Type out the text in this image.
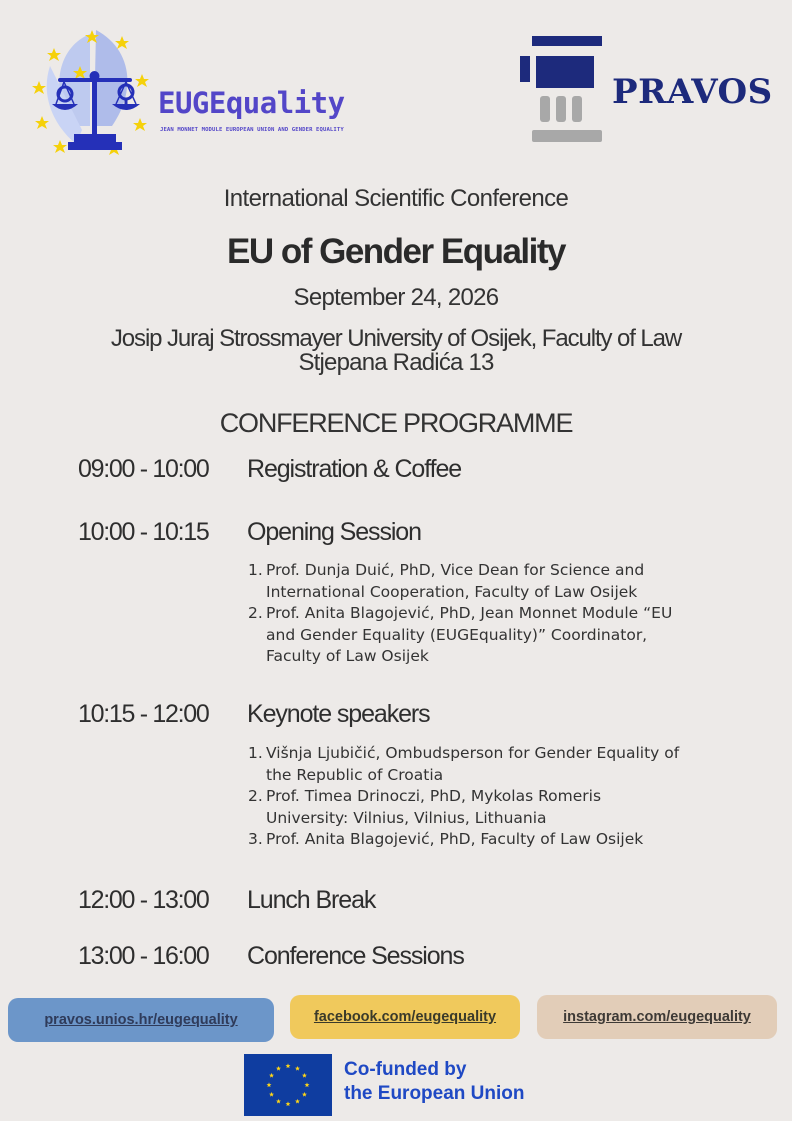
EUGEquality
JEAN MONNET MODULE EUROPEAN UNION AND GENDER EQUALITY
PRAVOS
International Scientific Conference
EU of Gender Equality
September 24, 2026
Josip Juraj Strossmayer University of Osijek, Faculty of Law
Stjepana Radića 13
CONFERENCE PROGRAMME
09:00 - 10:00 Registration & Coffee
10:00 - 10:15 Opening Session
1. Prof. Dunja Duić, PhD, Vice Dean for Science and
International Cooperation, Faculty of Law Osijek
2. Prof. Anita Blagojević, PhD, Jean Monnet Module “EU
and Gender Equality (EUGEquality)” Coordinator,
Faculty of Law Osijek
10:15 - 12:00 Keynote speakers
1. Višnja Ljubičić, Ombudsperson for Gender Equality of
the Republic of Croatia
2. Prof. Timea Drinoczi, PhD, Mykolas Romeris
University: Vilnius, Vilnius, Lithuania
3. Prof. Anita Blagojević, PhD, Faculty of Law Osijek
12:00 - 13:00 Lunch Break
13:00 - 16:00 Conference Sessions
pravos.unios.hr/eugequality	facebook.com/eugequality	instagram.com/eugequality
Co-funded by
the European Union
